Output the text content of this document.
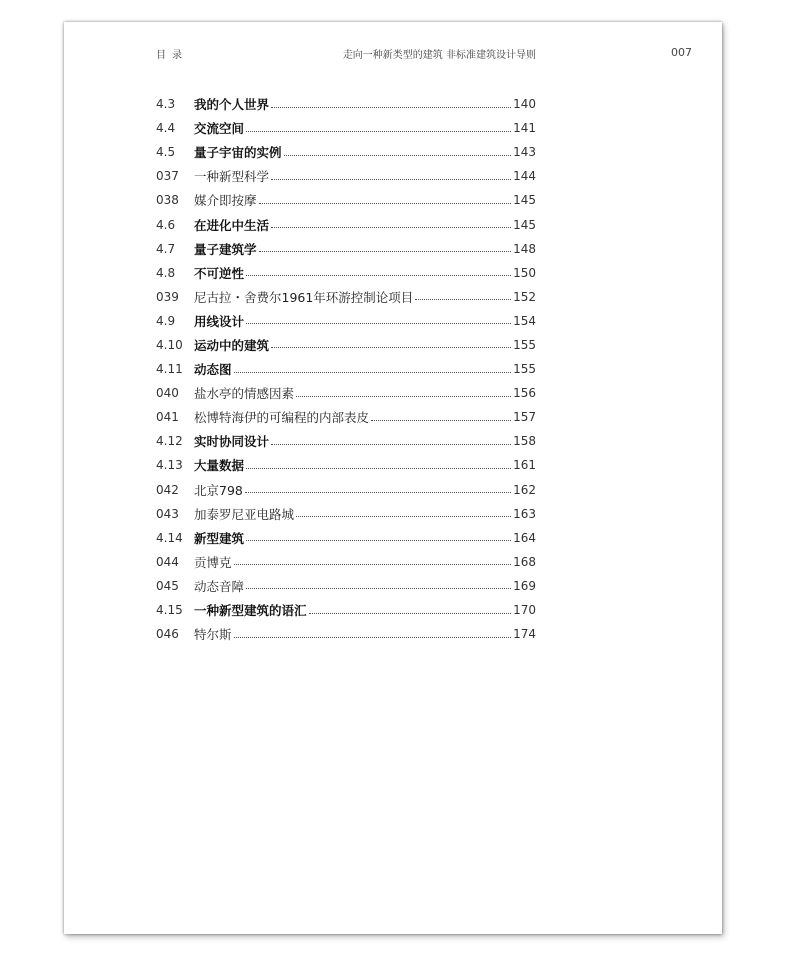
目录	走向一种新类型的建筑 非标准建筑设计导则	007
4.3	我的个人世界	140
4.4	交流空间	141
4.5	量子宇宙的实例	143
037	一种新型科学	144
038	媒介即按摩	145
4.6	在进化中生活	145
4.7	量子建筑学	148
4.8	不可逆性	150
039	尼古拉・舍费尔1961年环游控制论项目	152
4.9	用线设计	154
4.10 运动中的建筑	155
4.11 动态图	155
040	盐水亭的情感因素	156
041	松博特海伊的可编程的内部表皮	157
4.12 实时协同设计	158
4.13 大量数据	161
042	北京798	162
043	加泰罗尼亚电路城	163
4.14 新型建筑	164
044	贡博克	168
045	动态音障	169
4.15 一种新型建筑的语汇	170
046	特尔斯	174
